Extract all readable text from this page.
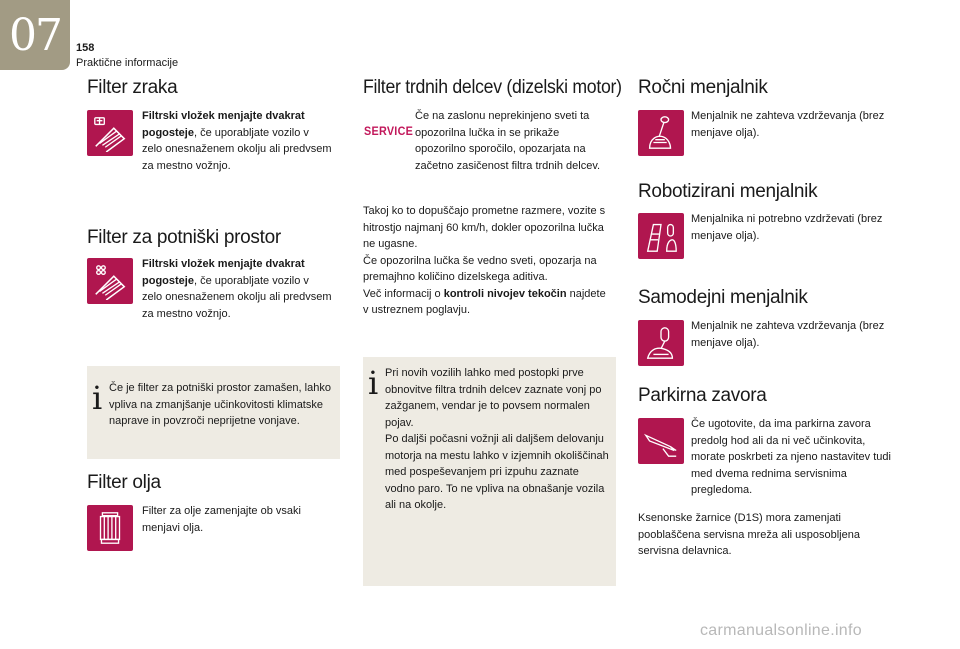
07	158
Praktične informacije
Filter zraka
Filtrski vložek menjajte dvakrat pogosteje, če uporabljate vozilo v zelo onesnaženem okolju ali predvsem za mestno vožnjo.
Filter za potniški prostor
Filtrski vložek menjajte dvakrat pogosteje, če uporabljate vozilo v zelo onesnaženem okolju ali predvsem za mestno vožnjo.
i Če je filter za potniški prostor zamašen, lahko vpliva na zmanjšanje učinkovitosti klimatske naprave in povzroči neprijetne vonjave.
Filter olja
Filter za olje zamenjajte ob vsaki menjavi olja.
Filter trdnih delcev (dizelski motor)
SERVICE
Če na zaslonu neprekinjeno sveti ta opozorilna lučka in se prikaže opozorilno sporočilo, opozarjata na začetno zasičenost filtra trdnih delcev.
Takoj ko to dopuščajo prometne razmere, vozite s hitrostjo najmanj 60 km/h, dokler opozorilna lučka ne ugasne.
Če opozorilna lučka še vedno sveti, opozarja na premajhno količino dizelskega aditiva.
Več informacij o kontroli nivojev tekočin najdete v ustreznem poglavju.
i Pri novih vozilih lahko med postopki prve obnovitve filtra trdnih delcev zaznate vonj po zažganem, vendar je to povsem normalen pojav.
Po daljši počasni vožnji ali daljšem delovanju motorja na mestu lahko v izjemnih okoliščinah med pospeševanjem pri izpuhu zaznate vodno paro. To ne vpliva na obnašanje vozila ali na okolje.
Ročni menjalnik
Menjalnik ne zahteva vzdrževanja (brez menjave olja).
Robotizirani menjalnik
Menjalnika ni potrebno vzdrževati (brez menjave olja).
Samodejni menjalnik
Menjalnik ne zahteva vzdrževanja (brez menjave olja).
Parkirna zavora
Če ugotovite, da ima parkirna zavora predolg hod ali da ni več učinkovita, morate poskrbeti za njeno nastavitev tudi med dvema rednima servisnima pregledoma.
Ksenonske žarnice (D1S) mora zamenjati pooblaščena servisna mreža ali usposobljena servisna delavnica.
carmanualsonline.info
